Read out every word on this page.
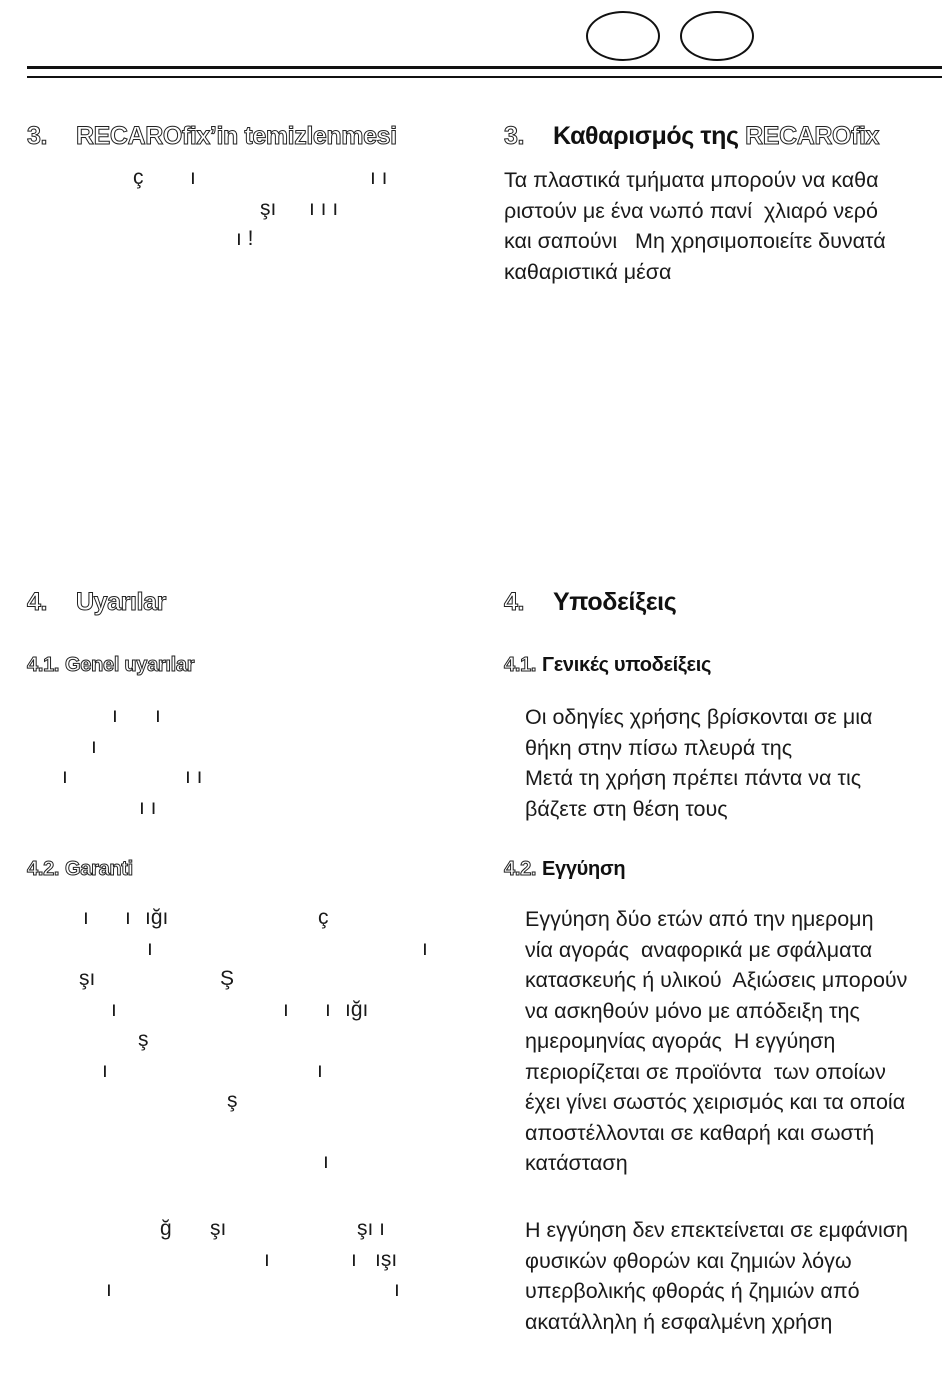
3. RECAROfix’in temizlenmesi
ç ı	ı ı
şı ı ı ı
ı !
4. Uyarılar
4.1. Genel uyarılar
ı ı
ı
ı	ı ı
ı ı
4.2. Garanti
ı ı ığı	ç
ı	ı
şı	Ş
ı	ı ı ığı
ş
ı	ı
ş
ı
ğ şı	şı ı
ı	ı ışı
ı	ı
3. Καθαρισμός της RECAROfix
Τα πλαστικά τμήματα μπορούν να καθα
ριστούν με ένα νωπό πανί  χλιαρό νερό
και σαπούνι   Μη χρησιμοποιείτε δυνατά
καθαριστικά μέσα
4. Υποδείξεις
4.1. Γενικές υποδείξεις
Οι οδηγίες χρήσης βρίσκονται σε μια
θήκη στην πίσω πλευρά της
Μετά τη χρήση πρέπει πάντα να τις
βάζετε στη θέση τους
4.2. Εγγύηση
Εγγύηση δύο ετών από την ημερομη
νία αγοράς  αναφορικά με σφάλματα
κατασκευής ή υλικού  Αξιώσεις μπορούν
να ασκηθούν μόνο με απόδειξη της
ημερομηνίας αγοράς  Η εγγύηση
περιορίζεται σε προϊόντα  των οποίων
έχει γίνει σωστός χειρισμός και τα οποία
αποστέλλονται σε καθαρή και σωστή
κατάσταση
Η εγγύηση δεν επεκτείνεται σε εμφάνιση
φυσικών φθορών και ζημιών λόγω
υπερβολικής φθοράς ή ζημιών από
ακατάλληλη ή εσφαλμένη χρήση
